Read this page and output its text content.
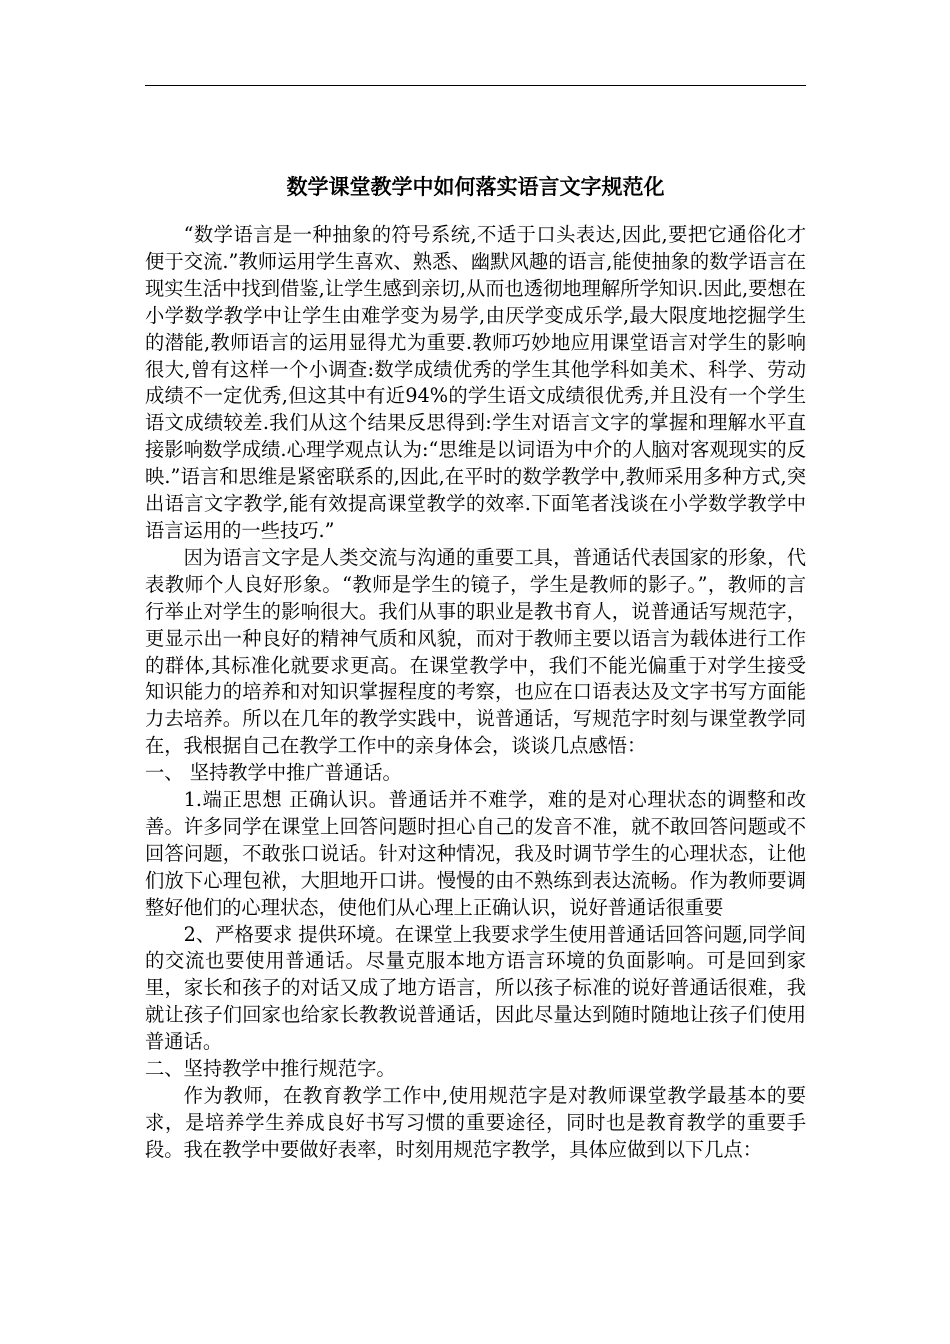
数学课堂教学中如何落实语言文字规范化

“数学语言是一种抽象的符号系统,不适于口头表达,因此,要把它通俗化才便于交流.”教师运用学生喜欢、熟悉、幽默风趣的语言,能使抽象的数学语言在现实生活中找到借鉴,让学生感到亲切,从而也透彻地理解所学知识.因此,要想在小学数学教学中让学生由难学变为易学,由厌学变成乐学,最大限度地挖掘学生的潜能,教师语言的运用显得尤为重要.教师巧妙地应用课堂语言对学生的影响很大,曾有这样一个小调查:数学成绩优秀的学生其他学科如美术、科学、劳动成绩不一定优秀,但这其中有近94%的学生语文成绩很优秀,并且没有一个学生语文成绩较差.我们从这个结果反思得到:学生对语言文字的掌握和理解水平直接影响数学成绩.心理学观点认为:“思维是以词语为中介的人脑对客观现实的反映.”语言和思维是紧密联系的,因此,在平时的数学教学中,教师采用多种方式,突出语言文字教学,能有效提高课堂教学的效率.下面笔者浅谈在小学数学教学中语言运用的一些技巧.”

因为语言文字是人类交流与沟通的重要工具，普通话代表国家的形象，代表教师个人良好形象。“教师是学生的镜子，学生是教师的影子。”，教师的言行举止对学生的影响很大。我们从事的职业是教书育人，说普通话写规范字，更显示出一种良好的精神气质和风貌，而对于教师主要以语言为载体进行工作的群体,其标准化就要求更高。在课堂教学中，我们不能光偏重于对学生接受知识能力的培养和对知识掌握程度的考察，也应在口语表达及文字书写方面能力去培养。所以在几年的教学实践中，说普通话，写规范字时刻与课堂教学同在，我根据自己在教学工作中的亲身体会，谈谈几点感悟：

一、 坚持教学中推广普通话。

1.端正思想 正确认识。普通话并不难学，难的是对心理状态的调整和改善。许多同学在课堂上回答问题时担心自己的发音不准，就不敢回答问题或不回答问题，不敢张口说话。针对这种情况，我及时调节学生的心理状态，让他们放下心理包袱，大胆地开口讲。慢慢的由不熟练到表达流畅。作为教师要调整好他们的心理状态，使他们从心理上正确认识，说好普通话很重要

2、严格要求 提供环境。在课堂上我要求学生使用普通话回答问题,同学间的交流也要使用普通话。尽量克服本地方语言环境的负面影响。可是回到家里，家长和孩子的对话又成了地方语言，所以孩子标准的说好普通话很难，我就让孩子们回家也给家长教教说普通话，因此尽量达到随时随地让孩子们使用普通话。

二、坚持教学中推行规范字。

作为教师，在教育教学工作中,使用规范字是对教师课堂教学最基本的要求，是培养学生养成良好书写习惯的重要途径，同时也是教育教学的重要手段。我在教学中要做好表率，时刻用规范字教学，具体应做到以下几点：
